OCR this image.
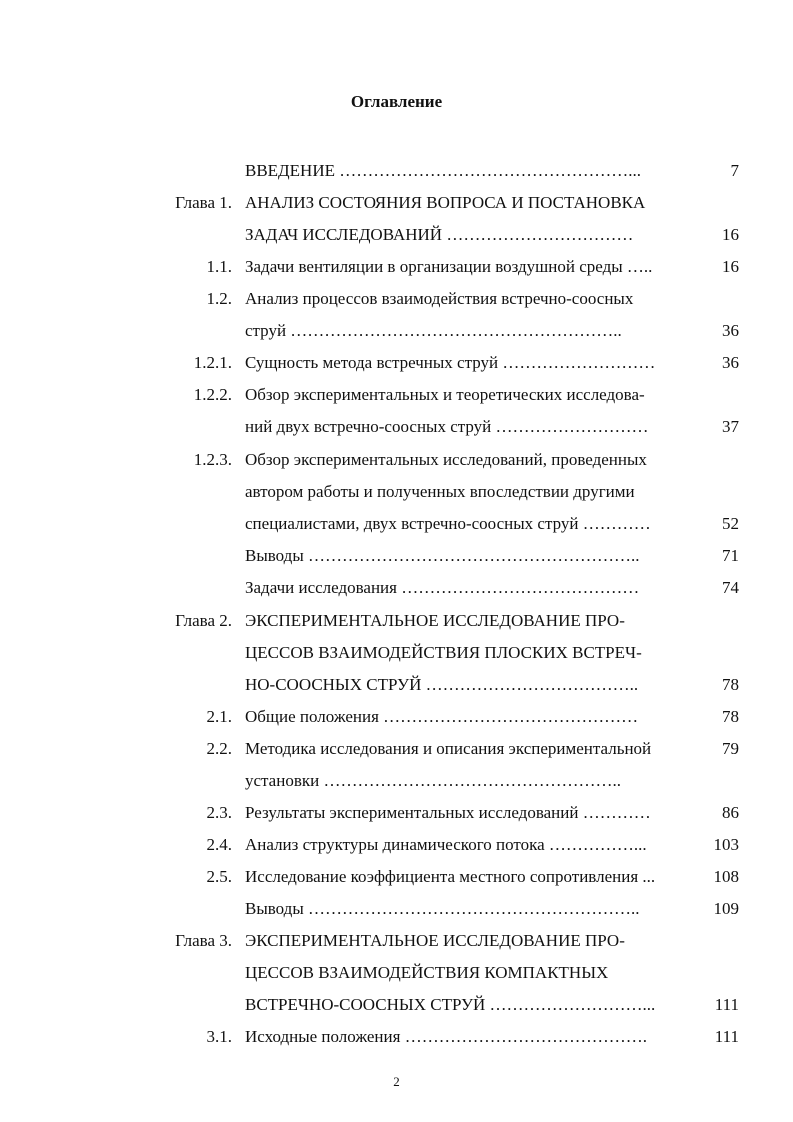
Оглавление
ВВЕДЕНИЕ ……………………………………………...	7
Глава 1. АНАЛИЗ СОСТОЯНИЯ ВОПРОСА И ПОСТАНОВКА
ЗАДАЧ ИССЛЕДОВАНИЙ ……………………………	16
1.1. Задачи вентиляции в организации воздушной среды …..	16
1.2. Анализ процессов взаимодействия встречно-соосных
струй …………………………………………………..	36
1.2.1. Сущность метода встречных струй ………………………	36
1.2.2. Обзор экспериментальных и теоретических исследова-
ний двух встречно-соосных струй ………………………	37
1.2.3. Обзор экспериментальных исследований, проведенных
автором работы и полученных впоследствии другими
специалистами, двух встречно-соосных струй …………	52
Выводы …………………………………………………..	71
Задачи исследования ……………………………………	74
Глава 2. ЭКСПЕРИМЕНТАЛЬНОЕ ИССЛЕДОВАНИЕ ПРО-
ЦЕССОВ ВЗАИМОДЕЙСТВИЯ ПЛОСКИХ ВСТРЕЧ-
НО-СООСНЫХ СТРУЙ ………………………………..	78
2.1. Общие положения ………………………………………	78
2.2. Методика исследования и описания экспериментальной	79
установки ……………………………………………..
2.3. Результаты экспериментальных исследований …………	86
2.4. Анализ структуры динамического потока ……………...	103
2.5. Исследование коэффициента местного сопротивления ...	108
Выводы …………………………………………………..	109
Глава 3. ЭКСПЕРИМЕНТАЛЬНОЕ ИССЛЕДОВАНИЕ ПРО-
ЦЕССОВ ВЗАИМОДЕЙСТВИЯ КОМПАКТНЫХ
ВСТРЕЧНО-СООСНЫХ СТРУЙ ………………………...	111
3.1. Исходные положения …………………………………….	111
2
